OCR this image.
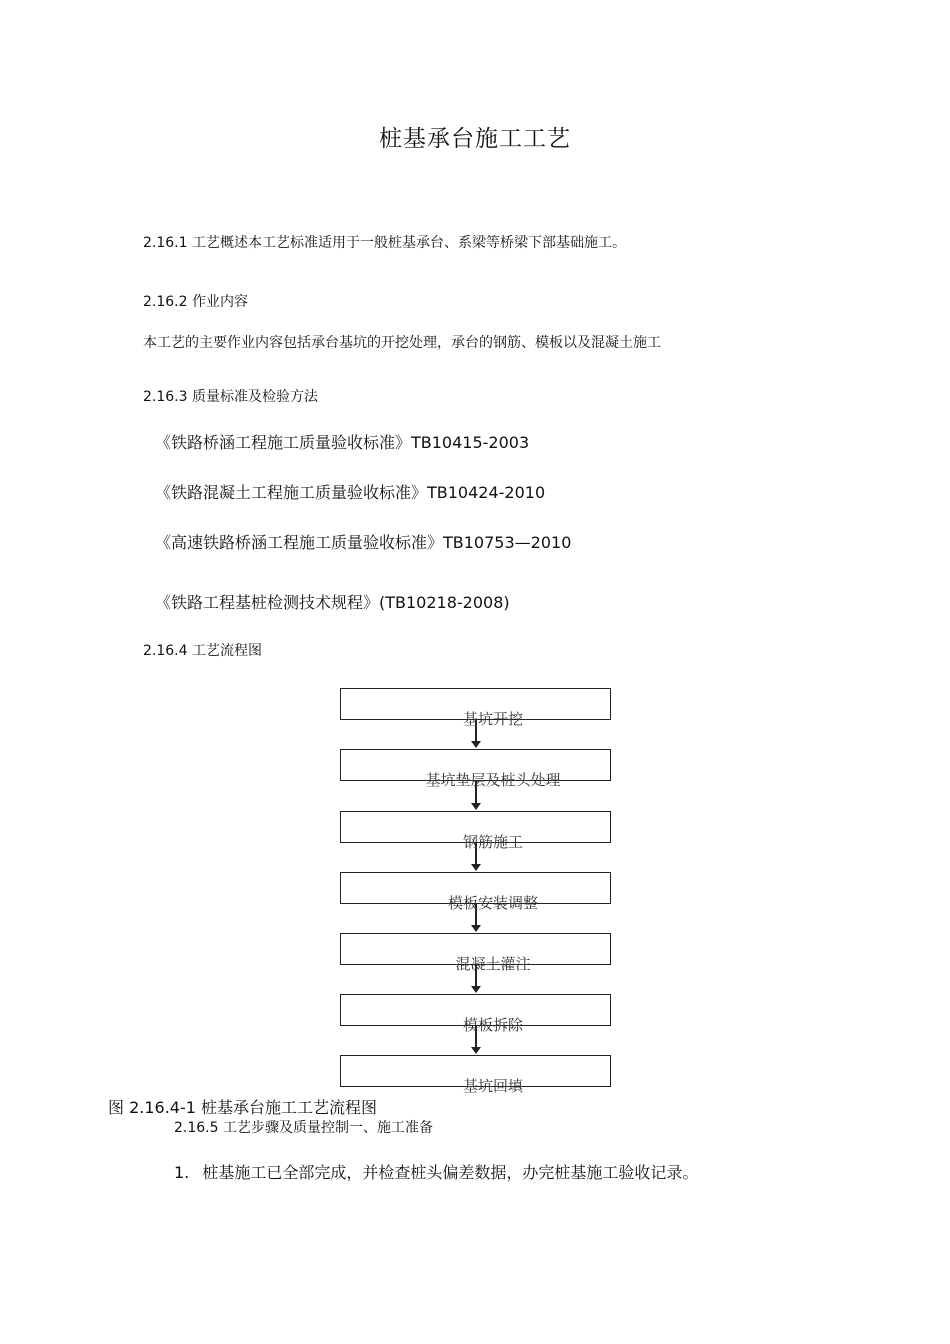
桩基承台施工工艺
2.16.1 工艺概述本工艺标准适用于一般桩基承台、系梁等桥梁下部基础施工。
2.16.2 作业内容
本工艺的主要作业内容包括承台基坑的开挖处理，承台的钢筋、模板以及混凝土施工
2.16.3 质量标准及检验方法
《铁路桥涵工程施工质量验收标准》TB10415-2003
《铁路混凝土工程施工质量验收标准》TB10424-2010
《高速铁路桥涵工程施工质量验收标准》TB10753—2010
《铁路工程基桩检测技术规程》(TB10218-2008)
2.16.4 工艺流程图
基坑开挖
基坑垫层及桩头处理
钢筋施工
模板安装调整
混凝土灌注
模板拆除
基坑回填
图 2.16.4-1 桩基承台施工工艺流程图
2.16.5 工艺步骤及质量控制一、施工准备
1. 桩基施工已全部完成，并检查桩头偏差数据，办完桩基施工验收记录。
